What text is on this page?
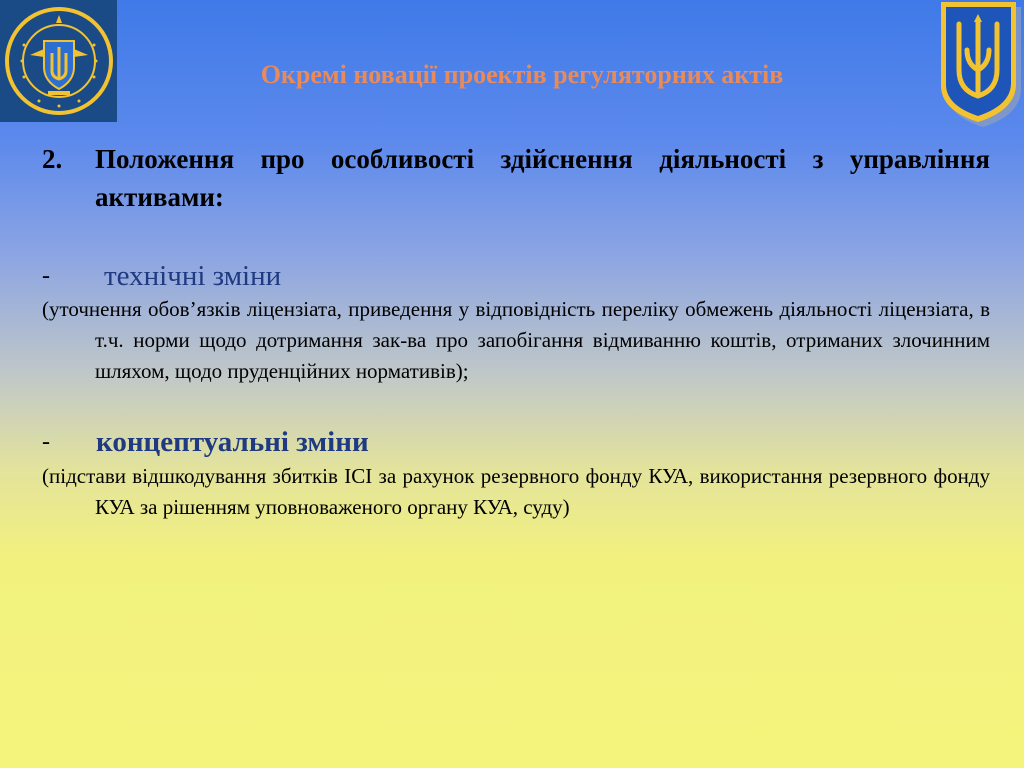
Окремі новації проектів регуляторних актів

2. Положення про особливості здійснення діяльності з управління активами:

- технічні зміни

(уточнення обов’язків ліцензіата, приведення у відповідність переліку обмежень діяльності ліцензіата, в т.ч. норми щодо дотримання зак-ва про запобігання відмиванню коштів, отриманих злочинним шляхом, щодо пруденційних нормативів);

- концептуальні зміни

(підстави відшкодування збитків ІСІ за рахунок резервного фонду КУА, використання резервного фонду КУА за рішенням уповноваженого органу КУА, суду)
